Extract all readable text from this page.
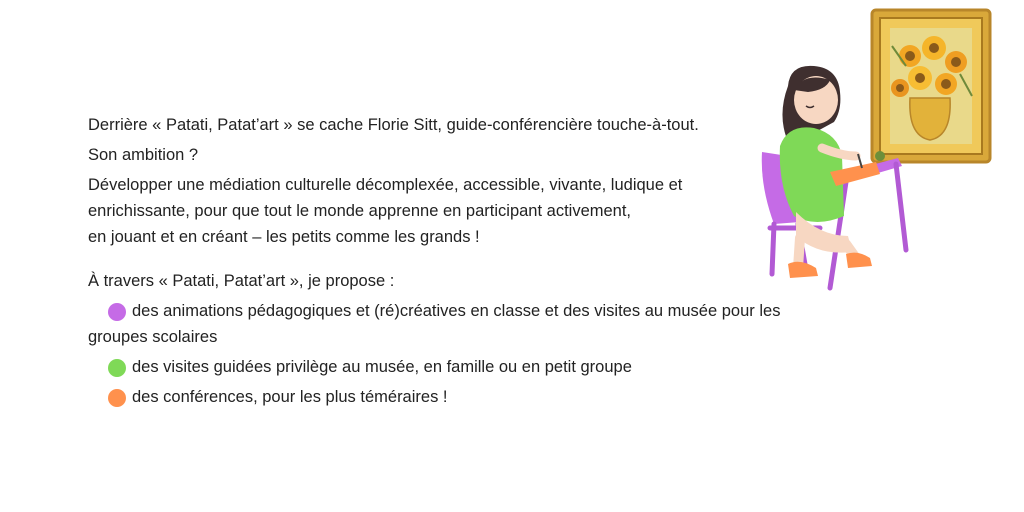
Derrière « Patati, Patat’art » se cache Florie Sitt, guide-conférencière touche-à-tout.

Son ambition ?

Développer une médiation culturelle décomplexée, accessible, vivante, ludique et

enrichissante, pour que tout le monde apprenne en participant activement,

en jouant et en créant – les petits comme les grands !

À travers « Patati, Patat’art », je propose :

des animations pédagogiques et (ré)créatives en classe et des visites au musée pour les groupes scolaires
des visites guidées privilège au musée, en famille ou en petit groupe
des conférences, pour les plus téméraires !
